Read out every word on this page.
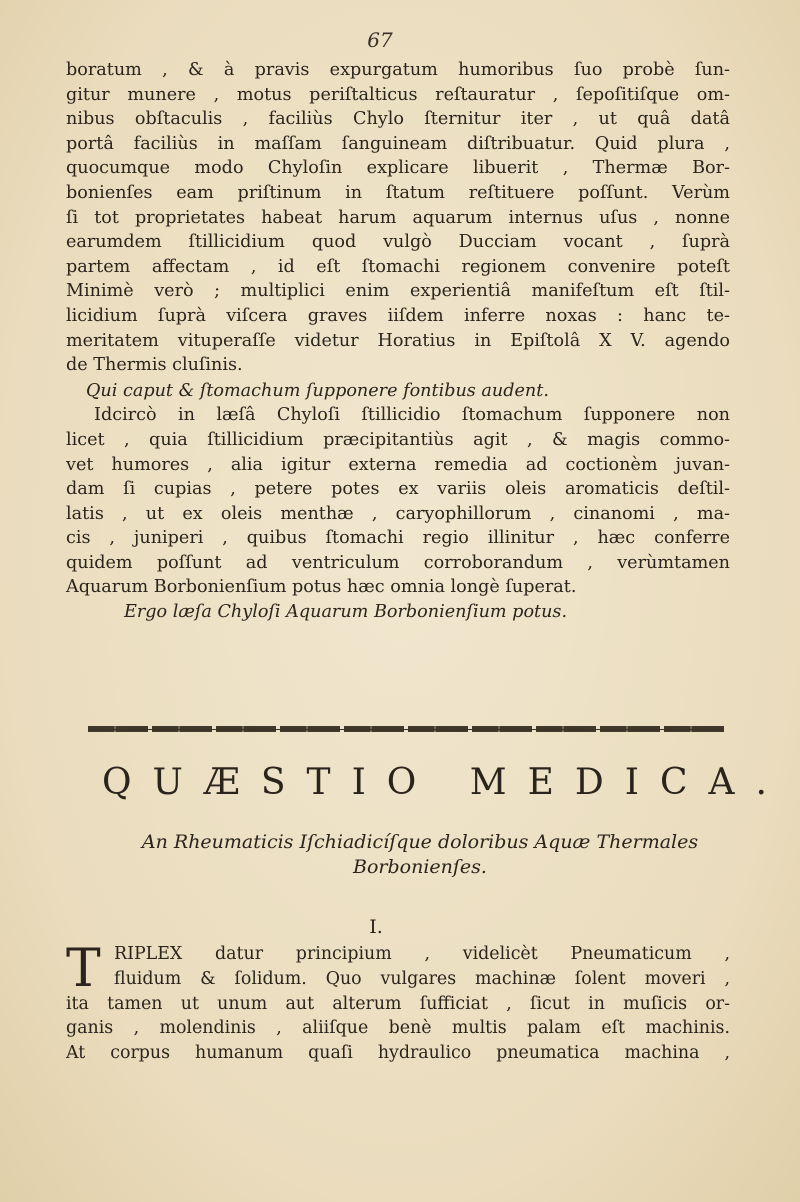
67
boratum , & à pravis expurgatum humoribus ſuo probè ſun-
gitur munere , motus periſtalticus reſtauratur , ſepoſitiſque om-
nibus obſtaculis , faciliùs Chylo ſternitur iter , ut quâ datâ
portâ faciliùs in maſſam ſanguineam diſtribuatur. Quid plura ,
quocumque modo Chyloſin explicare libuerit , Thermæ Bor-
bonienſes eam priſtinum in ſtatum reſtituere poſſunt. Verùm
ſi tot proprietates habeat harum aquarum internus uſus , nonne
earumdem ſtillicidium quod vulgò Ducciam vocant , ſuprà
partem affectam , id eſt ſtomachi regionem convenire poteſt
Minimè verò ; multiplici enim experientiâ manifeſtum eſt ſtil-
licidium ſuprà viſcera graves iiſdem inferre noxas : hanc te-
meritatem vituperaſſe videtur Horatius in Epiſtolâ X V. agendo
de Thermis cluſinis.
Qui caput & ſtomachum ſupponere fontibus audent.
Idcircò in læſâ Chyloſi ſtillicidio ſtomachum ſupponere non
licet , quia ſtillicidium præcipitantiùs agit , & magis commo-
vet humores , alia igitur externa remedia ad coctionèm juvan-
dam ſi cupias , petere potes ex variis oleis aromaticis deſtil-
latis , ut ex oleis menthæ , caryophillorum , cinanomi , ma-
cis , juniperi , quibus ſtomachi regio illinitur , hæc conferre
quidem poſſunt ad ventriculum corroborandum , verùmtamen
Aquarum Borbonienſium potus hæc omnia longè ſuperat.
Ergo læſa Chyloſi Aquarum Borbonienſium potus.
QUÆSTIO MEDICA.
An Rheumaticis Iſchiadicíſque doloribus Aquæ Thermales
Borbonienſes.
I.
T RIPLEX datur principium , videlicèt Pneumaticum ,
fluidum & ſolidum. Quo vulgares machinæ ſolent moveri ,
ita tamen ut unum aut alterum ſufficiat , ſicut in muſicis or-
ganis , molendinis , aliiſque benè multis palam eſt machinis.
At corpus humanum quaſi hydraulico pneumatica machina ,
